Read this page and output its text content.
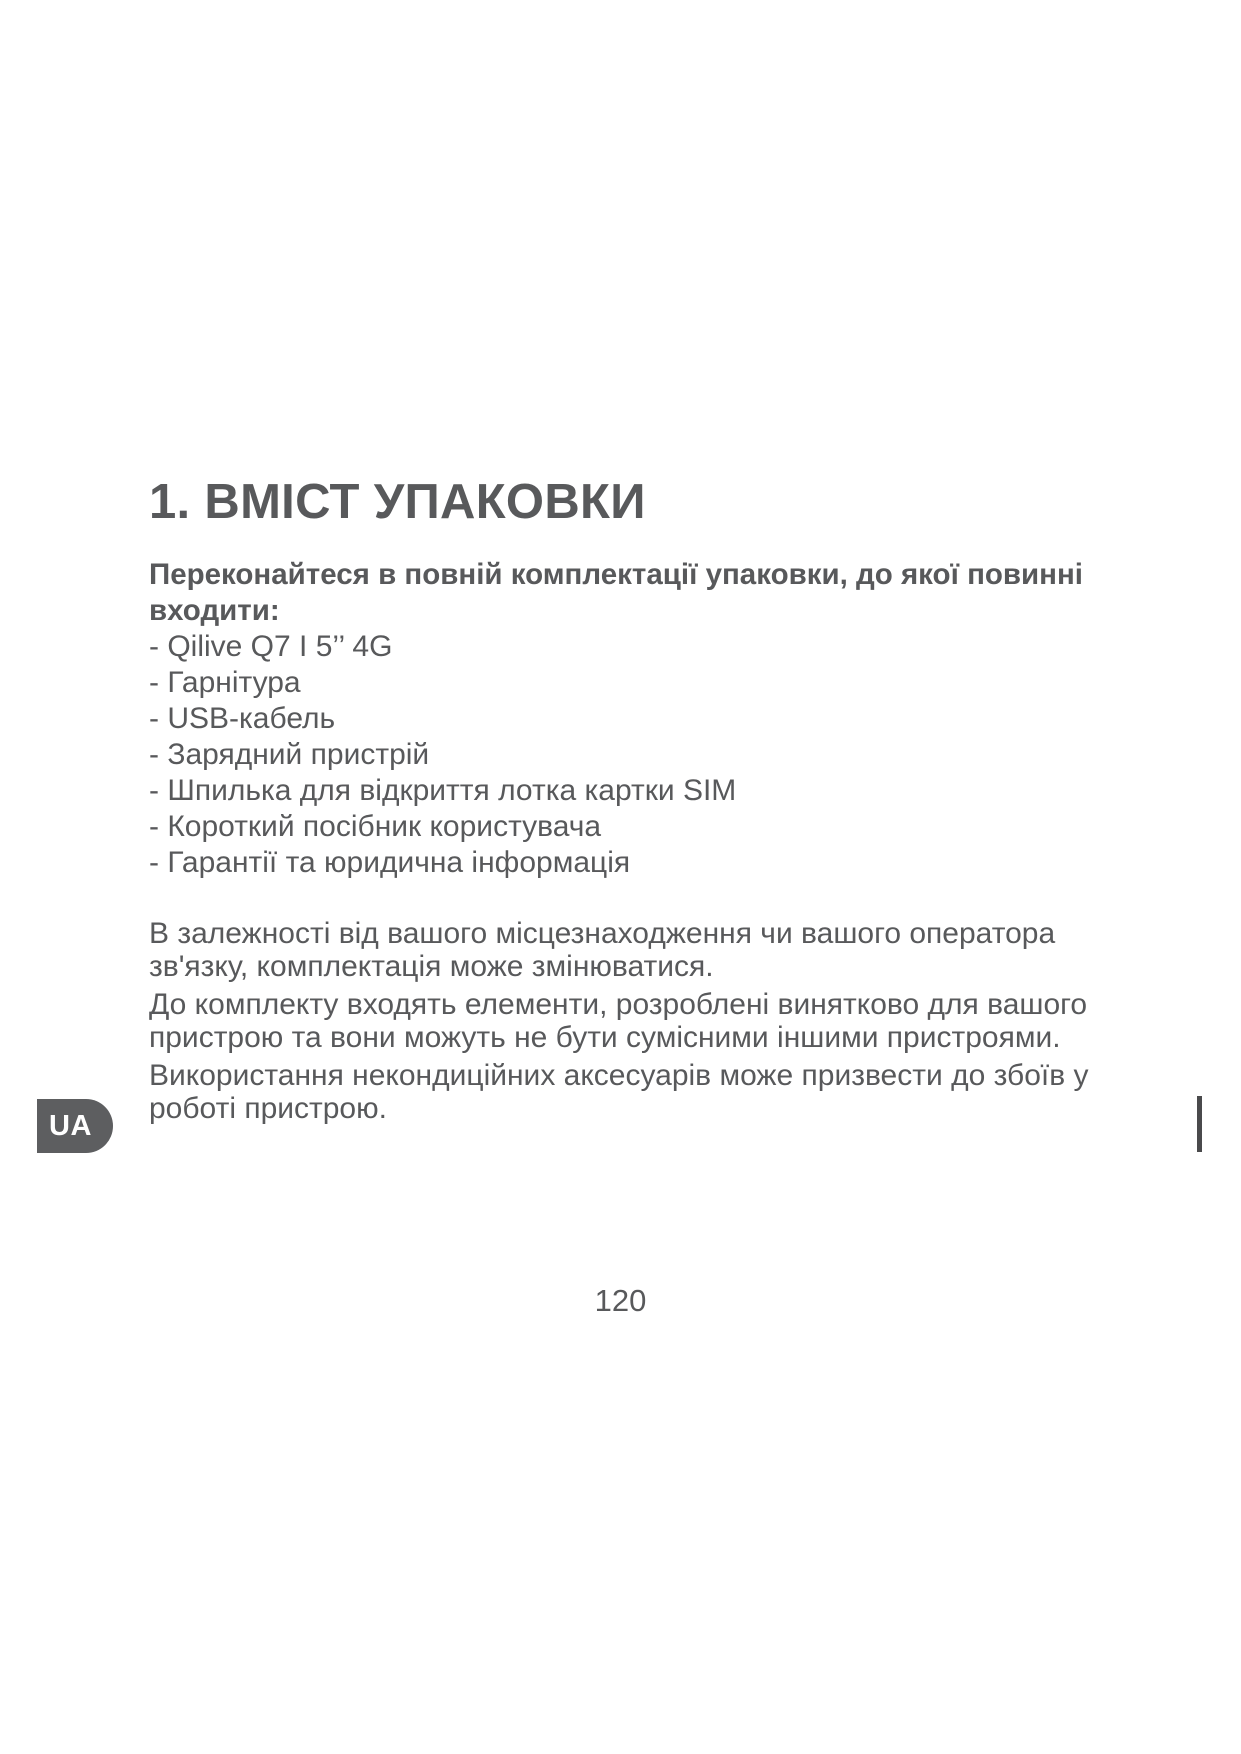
1. ВМІСТ УПАКОВКИ

Переконайтеся в повній комплектації упаковки, до якої повинні входити:

- Qilive Q7 I 5’’ 4G
- Гарнітура
- USB-кабель
- Зарядний пристрій
- Шпилька для відкриття лотка картки SIM
- Короткий посібник користувача
- Гарантії та юридична інформація

В залежності від вашого місцезнаходження чи вашого оператора зв'язку, комплектація може змінюватися.

До комплекту входять елементи, розроблені винятково для вашого пристрою та вони можуть не бути сумісними іншими пристроями.

Використання некондиційних аксесуарів може призвести до збоїв у роботі пристрою.

UA
120
